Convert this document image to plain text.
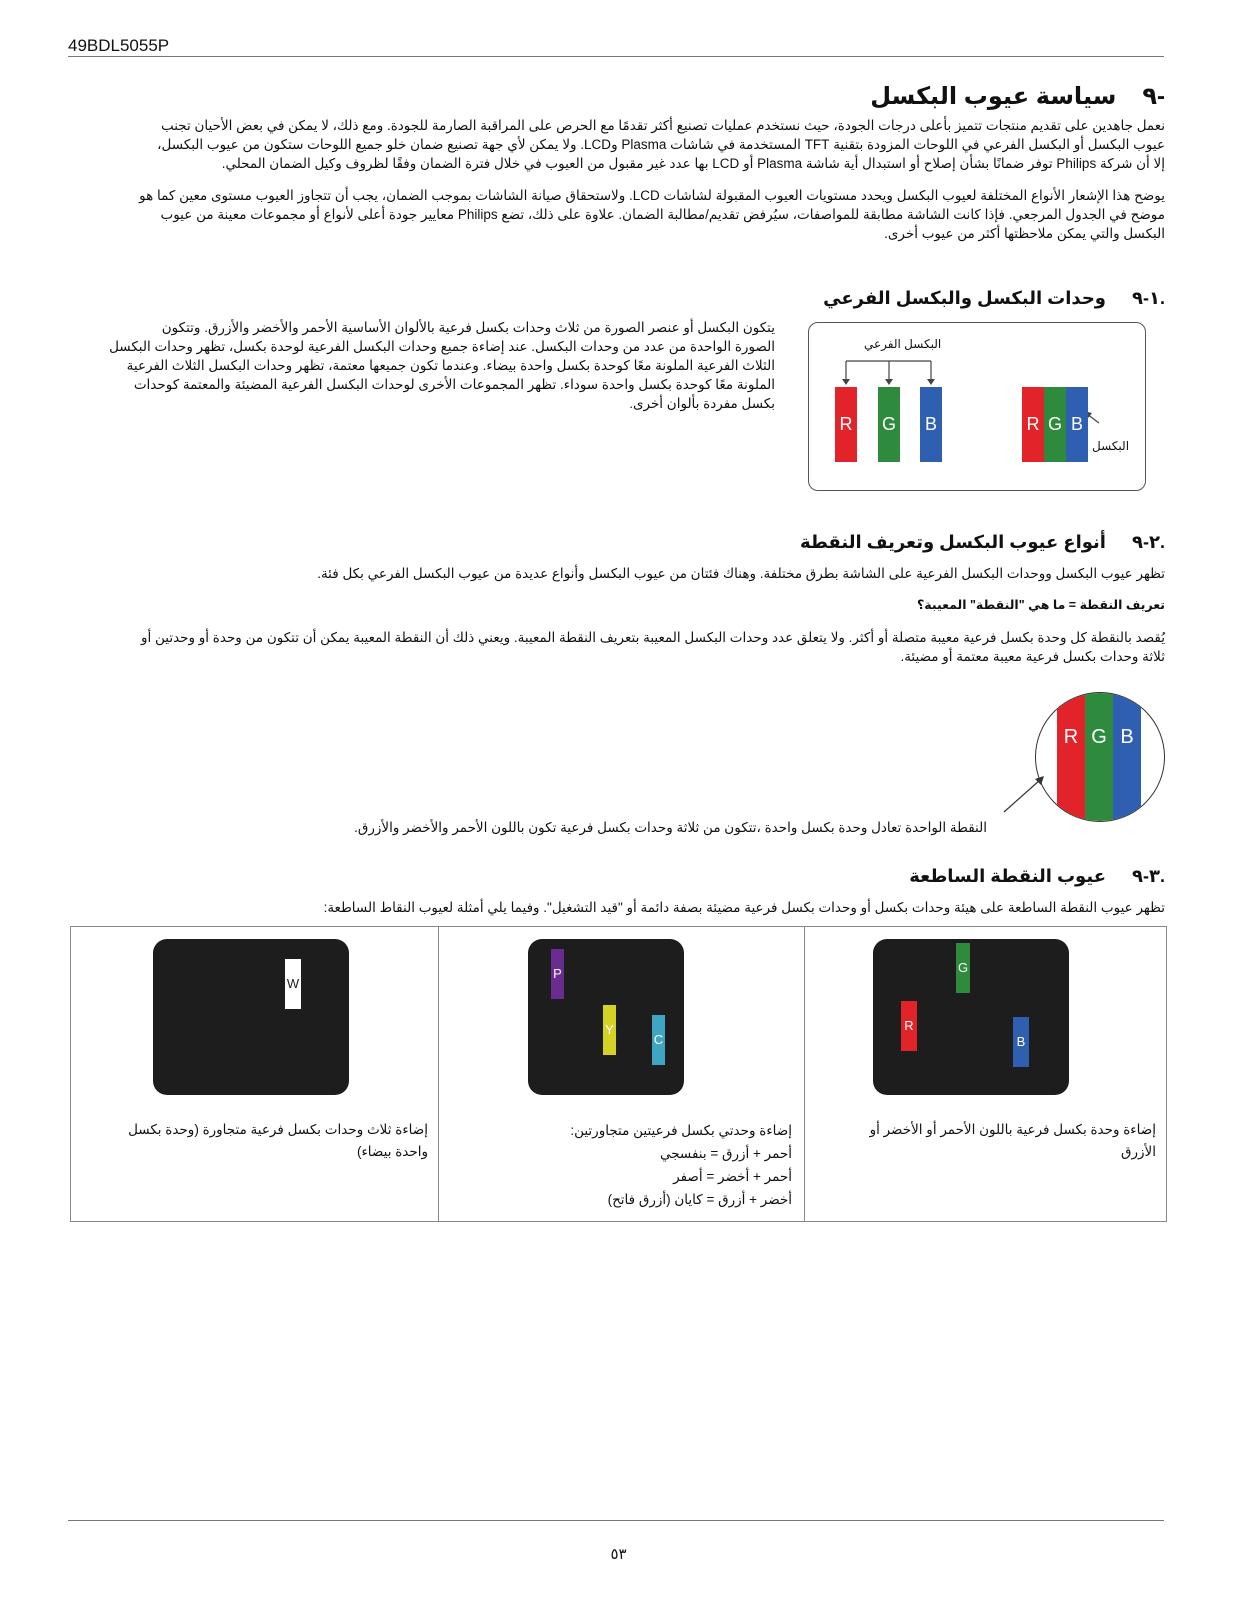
49BDL5055P
-٩سياسة عيوب البكسل
نعمل جاهدين على تقديم منتجات تتميز بأعلى درجات الجودة، حيث نستخدم عمليات تصنيع أكثر تقدمًا مع الحرص على المراقبة الصارمة للجودة. ومع ذلك، لا يمكن في بعض الأحيان تجنب
عيوب البكسل أو البكسل الفرعي في اللوحات المزودة بتقنية TFT المستخدمة في شاشات Plasma وLCD. ولا يمكن لأي جهة تصنيع ضمان خلو جميع اللوحات ستكون من عيوب البكسل،
إلا أن شركة Philips توفر ضمانًا بشأن إصلاح أو استبدال أية شاشة Plasma أو LCD بها عدد غير مقبول من العيوب في خلال فترة الضمان وفقًا لظروف وكيل الضمان المحلي.
يوضح هذا الإشعار الأنواع المختلفة لعيوب البكسل ويحدد مستويات العيوب المقبولة لشاشات LCD. ولاستحقاق صيانة الشاشات بموجب الضمان، يجب أن تتجاوز العيوب مستوى معين كما هو
موضح في الجدول المرجعي. فإذا كانت الشاشة مطابقة للمواصفات، سيُرفض تقديم/مطالبة الضمان. علاوة على ذلك، تضع Philips معايير جودة أعلى لأنواع أو مجموعات معينة من عيوب
البكسل والتي يمكن ملاحظتها أكثر من عيوب أخرى.
.١-٩وحدات البكسل والبكسل الفرعي
يتكون البكسل أو عنصر الصورة من ثلاث وحدات بكسل فرعية بالألوان الأساسية الأحمر والأخضر والأزرق. وتتكون
الصورة الواحدة من عدد من وحدات البكسل. عند إضاءة جميع وحدات البكسل الفرعية لوحدة بكسل، تظهر وحدات البكسل
الثلاث الفرعية الملونة معًا كوحدة بكسل واحدة بيضاء. وعندما تكون جميعها معتمة، تظهر وحدات البكسل الثلاث الفرعية
الملونة معًا كوحدة بكسل واحدة سوداء. تظهر المجموعات الأخرى لوحدات البكسل الفرعية المضيئة والمعتمة كوحدات
بكسل مفردة بألوان أخرى.
البكسل الفرعي
R G B	R G B
البكسل
.٢-٩أنواع عيوب البكسل وتعريف النقطة
تظهر عيوب البكسل ووحدات البكسل الفرعية على الشاشة بطرق مختلفة. وهناك فئتان من عيوب البكسل وأنواع عديدة من عيوب البكسل الفرعي بكل فئة.
تعريف النقطة = ما هي "النقطة" المعيبة؟
يُقصد بالنقطة كل وحدة بكسل فرعية معيبة متصلة أو أكثر. ولا يتعلق عدد وحدات البكسل المعيبة بتعريف النقطة المعيبة. ويعني ذلك أن النقطة المعيبة يمكن أن تتكون من وحدة أو وحدتين أو
ثلاثة وحدات بكسل فرعية معيبة معتمة أو مضيئة.
R G B
النقطة الواحدة تعادل وحدة بكسل واحدة ،تتكون من ثلاثة وحدات بكسل فرعية تكون باللون الأحمر والأخضر والأزرق.
.٣-٩عيوب النقطة الساطعة
تظهر عيوب النقطة الساطعة على هيئة وحدات بكسل أو وحدات بكسل فرعية مضيئة بصفة دائمة أو "قيد التشغيل". وفيما يلي أمثلة لعيوب النقاط الساطعة:
G
R
B
إضاءة وحدة بكسل فرعية باللون الأحمر أو الأخضر أو
الأزرق
P
Y
C
إضاءة وحدتي بكسل فرعيتين متجاورتين:
أحمر + أزرق = بنفسجي
أحمر + أخضر = أصفر
أخضر + أزرق = كايان (أزرق فاتح)
W
إضاءة ثلاث وحدات بكسل فرعية متجاورة (وحدة بكسل
واحدة بيضاء)
٥٣
